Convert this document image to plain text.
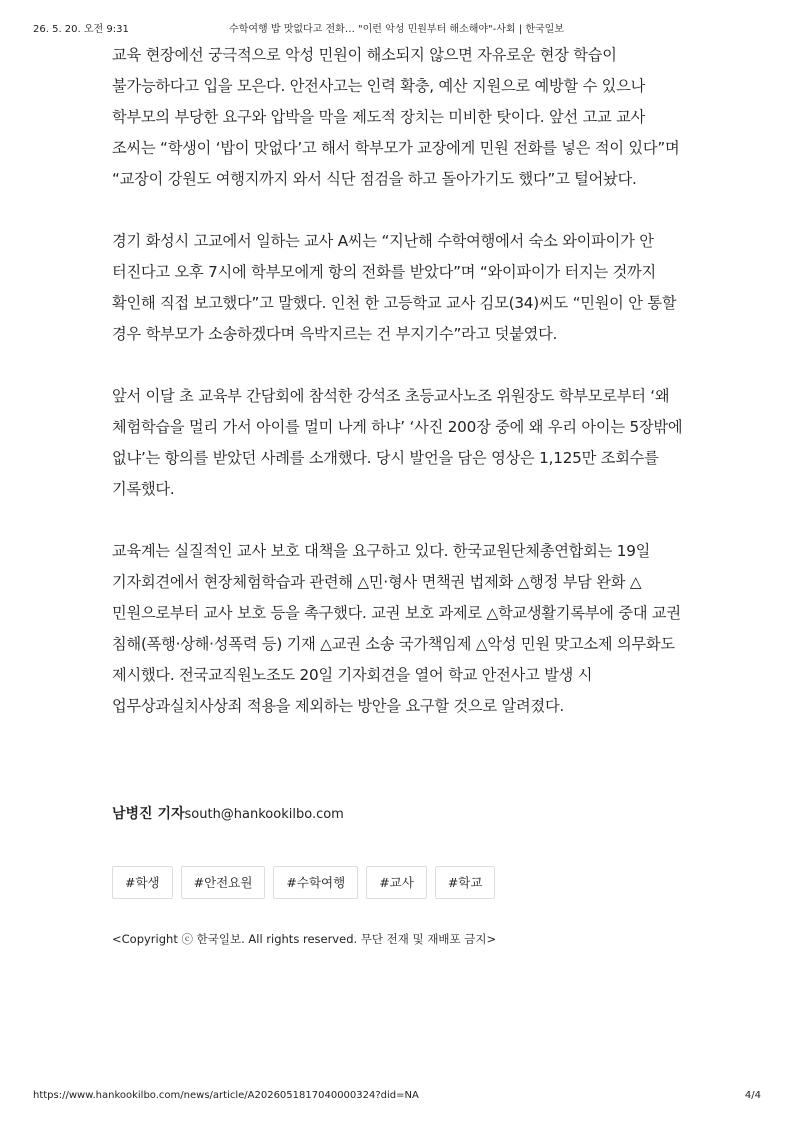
26. 5. 20. 오전 9:31	수학여행 밥 맛없다고 전화… "이런 악성 민원부터 해소해야"-사회 | 한국일보

교육 현장에선 궁극적으로 악성 민원이 해소되지 않으면 자유로운 현장 학습이 불가능하다고 입을 모은다. 안전사고는 인력 확충, 예산 지원으로 예방할 수 있으나 학부모의 부당한 요구와 압박을 막을 제도적 장치는 미비한 탓이다. 앞선 고교 교사 조씨는 “학생이 ‘밥이 맛없다’고 해서 학부모가 교장에게 민원 전화를 넣은 적이 있다”며 “교장이 강원도 여행지까지 와서 식단 점검을 하고 돌아가기도 했다”고 털어놨다.

경기 화성시 고교에서 일하는 교사 A씨는 “지난해 수학여행에서 숙소 와이파이가 안 터진다고 오후 7시에 학부모에게 항의 전화를 받았다”며 “와이파이가 터지는 것까지 확인해 직접 보고했다”고 말했다. 인천 한 고등학교 교사 김모(34)씨도 “민원이 안 통할 경우 학부모가 소송하겠다며 윽박지르는 건 부지기수”라고 덧붙였다.

앞서 이달 초 교육부 간담회에 참석한 강석조 초등교사노조 위원장도 학부모로부터 ‘왜 체험학습을 멀리 가서 아이를 멀미 나게 하냐’ ‘사진 200장 중에 왜 우리 아이는 5장밖에 없냐’는 항의를 받았던 사례를 소개했다. 당시 발언을 담은 영상은 1,125만 조회수를 기록했다.

교육계는 실질적인 교사 보호 대책을 요구하고 있다. 한국교원단체총연합회는 19일 기자회견에서 현장체험학습과 관련해 △민·형사 면책권 법제화 △행정 부담 완화 △민원으로부터 교사 보호 등을 촉구했다. 교권 보호 과제로 △학교생활기록부에 중대 교권 침해(폭행·상해·성폭력 등) 기재 △교권 소송 국가책임제 △악성 민원 맞고소제 의무화도 제시했다. 전국교직원노조도 20일 기자회견을 열어 학교 안전사고 발생 시 업무상과실치사상죄 적용을 제외하는 방안을 요구할 것으로 알려졌다.

남병진 기자south@hankookilbo.com
#학생	#안전요원	#수학여행	#교사	#학교
<Copyright ⓒ 한국일보. All rights reserved. 무단 전재 및 재배포 금지>
https://www.hankookilbo.com/news/article/A2026051817040000324?did=NA	4/4
